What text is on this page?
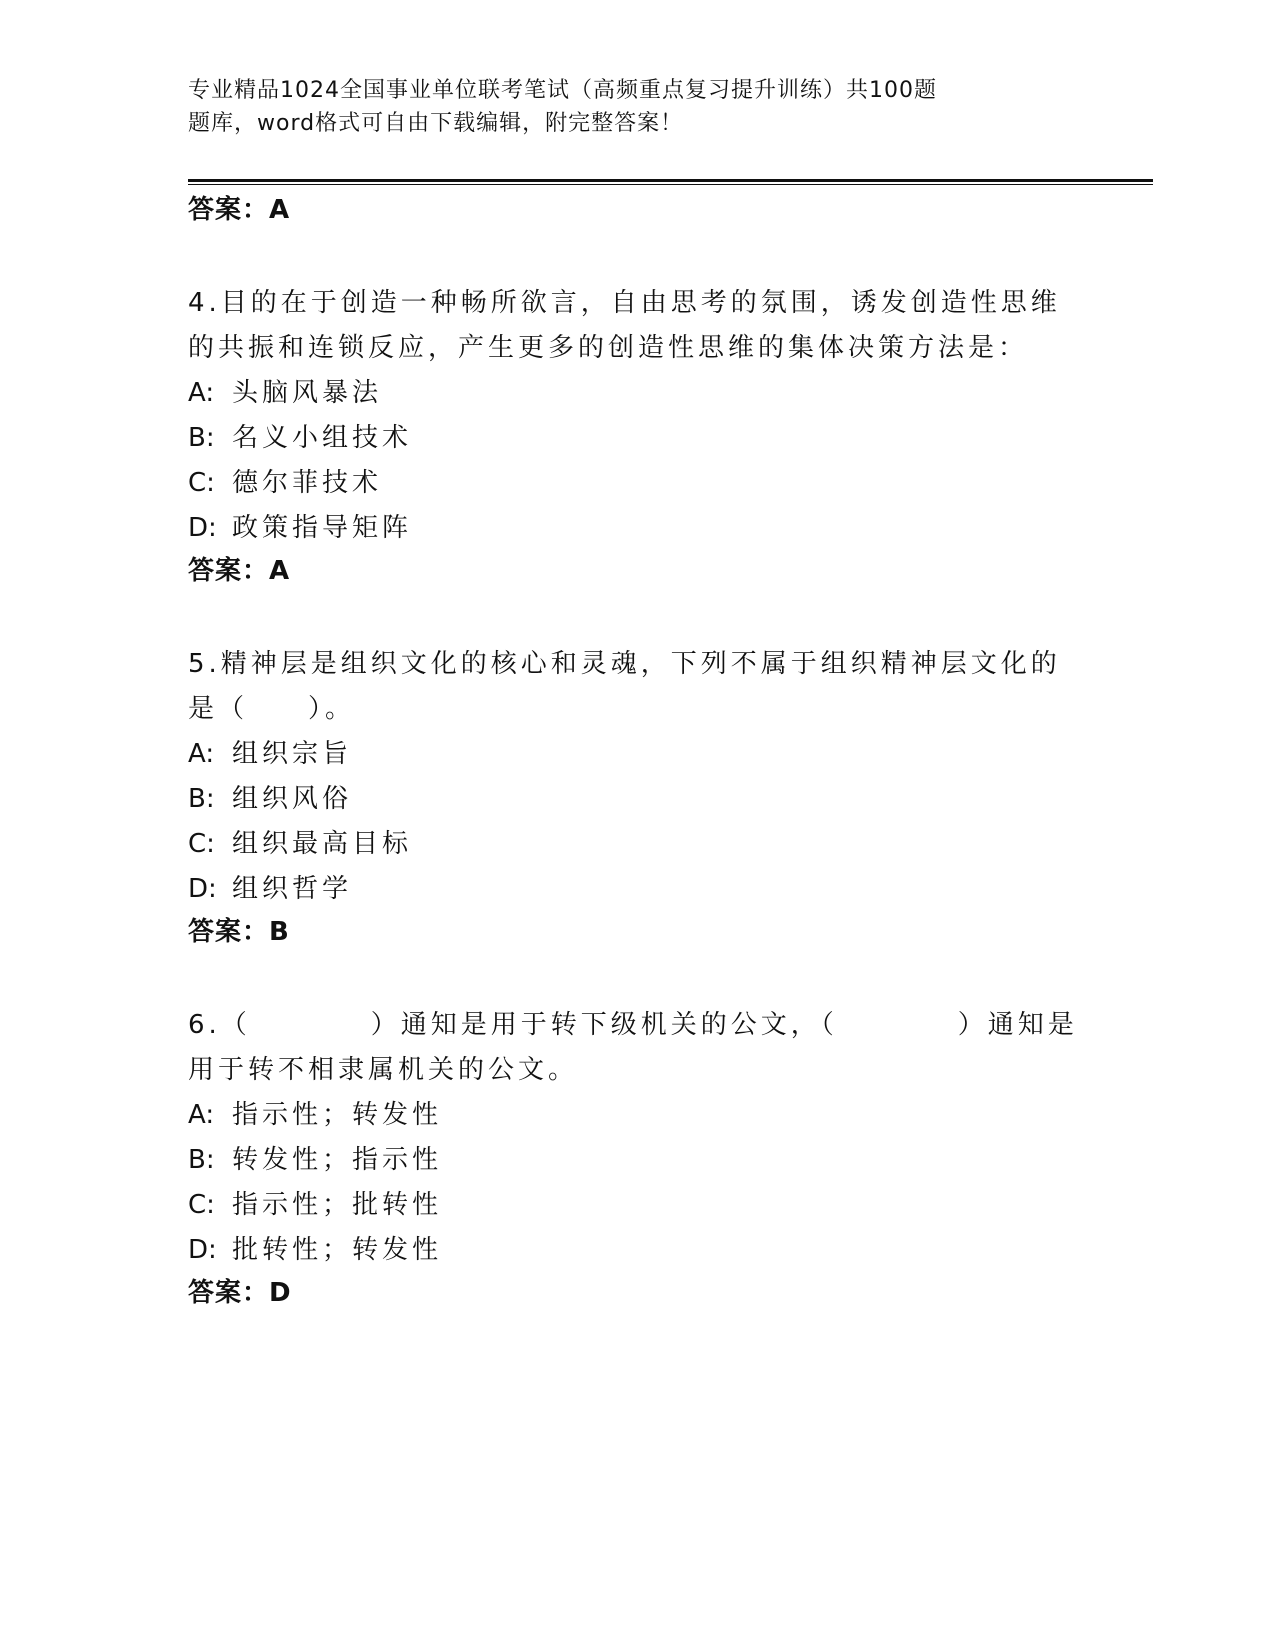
专业精品1024全国事业单位联考笔试（高频重点复习提升训练）共100题
题库，word格式可自由下载编辑，附完整答案！
答案：A
4.目的在于创造一种畅所欲言，自由思考的氛围，诱发创造性思维的共振和连锁反应，产生更多的创造性思维的集体决策方法是：
A: 头脑风暴法
B: 名义小组技术
C: 德尔菲技术
D: 政策指导矩阵
答案：A
5.精神层是组织文化的核心和灵魂，下列不属于组织精神层文化的是（　　）。
A: 组织宗旨
B: 组织风俗
C: 组织最高目标
D: 组织哲学
答案：B
6.（　　　　）通知是用于转下级机关的公文，（　　　　）通知是用于转不相隶属机关的公文。
A: 指示性；转发性
B: 转发性；指示性
C: 指示性；批转性
D: 批转性；转发性
答案：D
